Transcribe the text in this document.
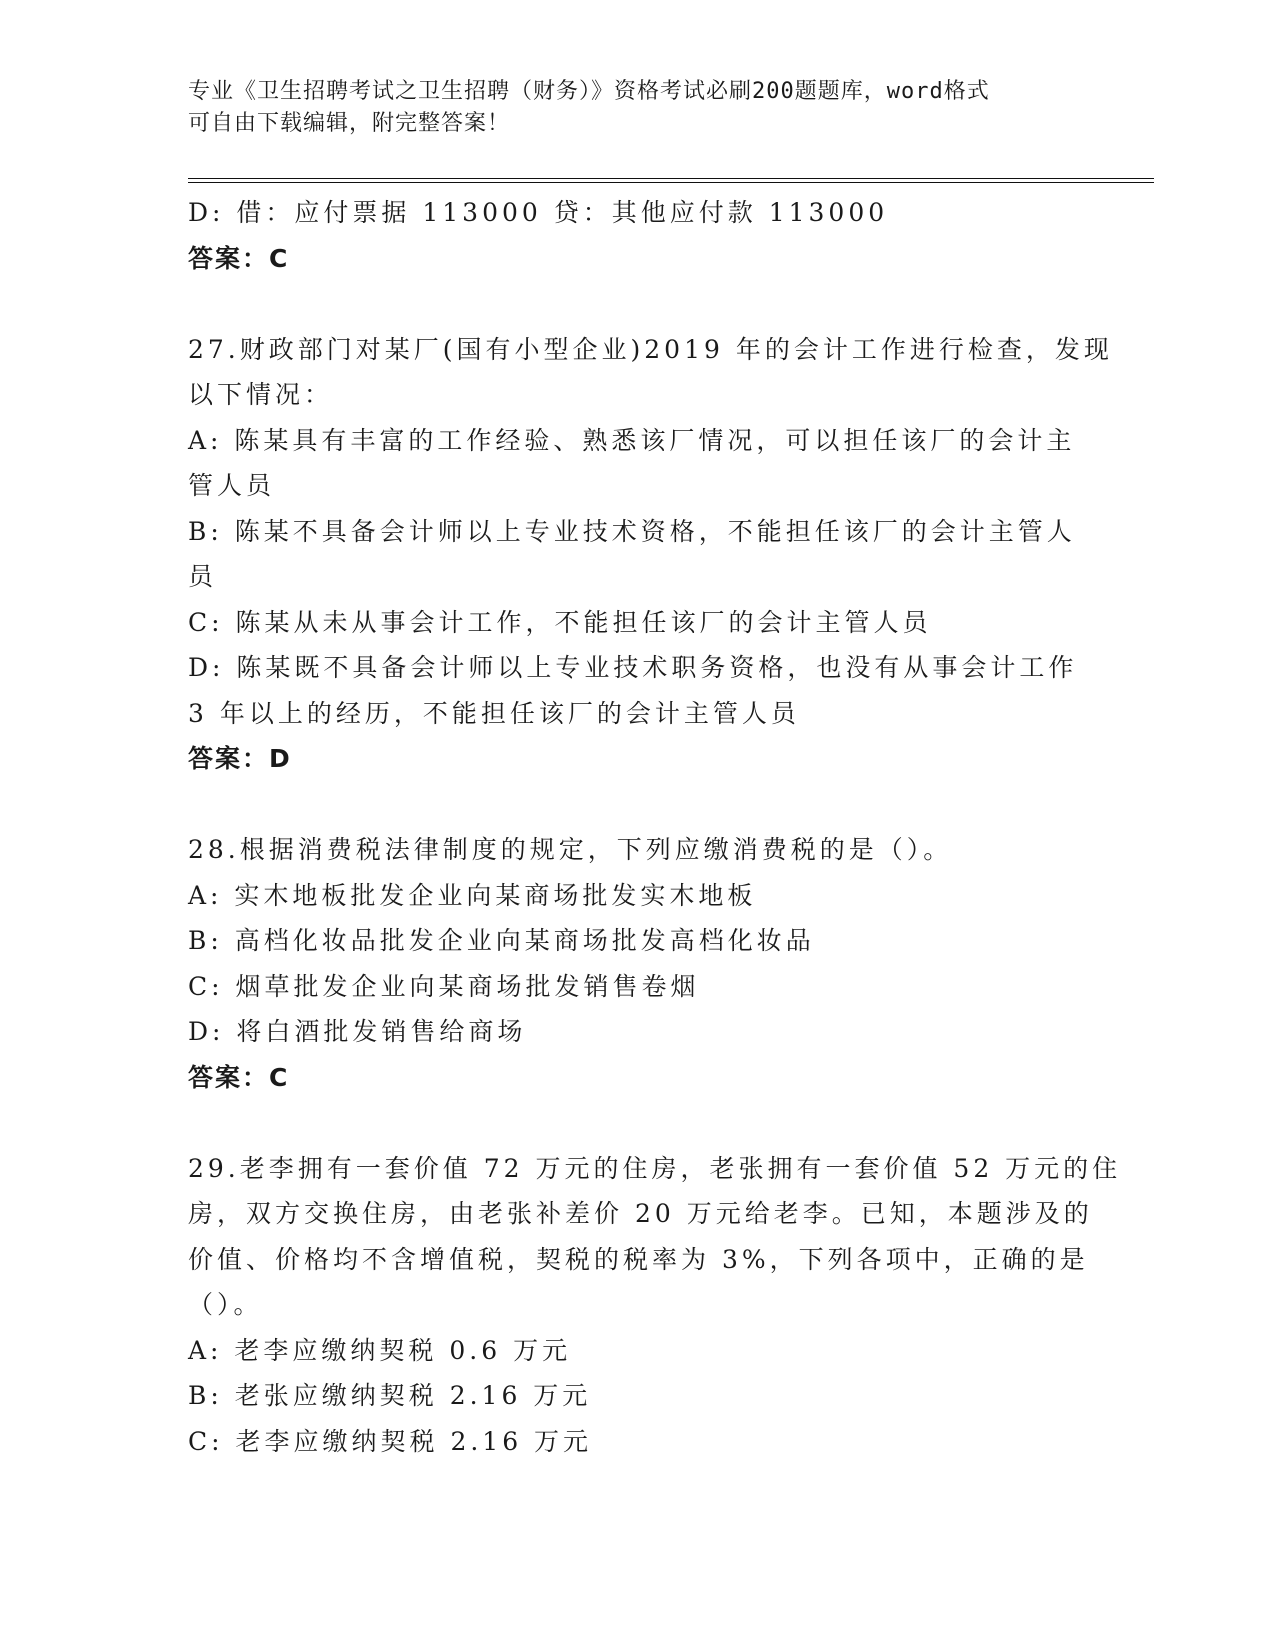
专业《卫生招聘考试之卫生招聘（财务）》资格考试必刷200题题库，word格式
可自由下载编辑，附完整答案！
D: 借：应付票据 113000 贷：其他应付款 113000
答案：C
27.财政部门对某厂(国有小型企业)2019 年的会计工作进行检查，发现
以下情况：
A: 陈某具有丰富的工作经验、熟悉该厂情况，可以担任该厂的会计主
管人员
B: 陈某不具备会计师以上专业技术资格，不能担任该厂的会计主管人
员
C: 陈某从未从事会计工作，不能担任该厂的会计主管人员
D: 陈某既不具备会计师以上专业技术职务资格，也没有从事会计工作
3 年以上的经历，不能担任该厂的会计主管人员
答案：D
28.根据消费税法律制度的规定，下列应缴消费税的是（）。
A: 实木地板批发企业向某商场批发实木地板
B: 高档化妆品批发企业向某商场批发高档化妆品
C: 烟草批发企业向某商场批发销售卷烟
D: 将白酒批发销售给商场
答案：C
29.老李拥有一套价值 72 万元的住房，老张拥有一套价值 52 万元的住
房，双方交换住房，由老张补差价 20 万元给老李。已知，本题涉及的
价值、价格均不含增值税，契税的税率为 3%，下列各项中，正确的是
（）。
A: 老李应缴纳契税 0.6 万元
B: 老张应缴纳契税 2.16 万元
C: 老李应缴纳契税 2.16 万元
